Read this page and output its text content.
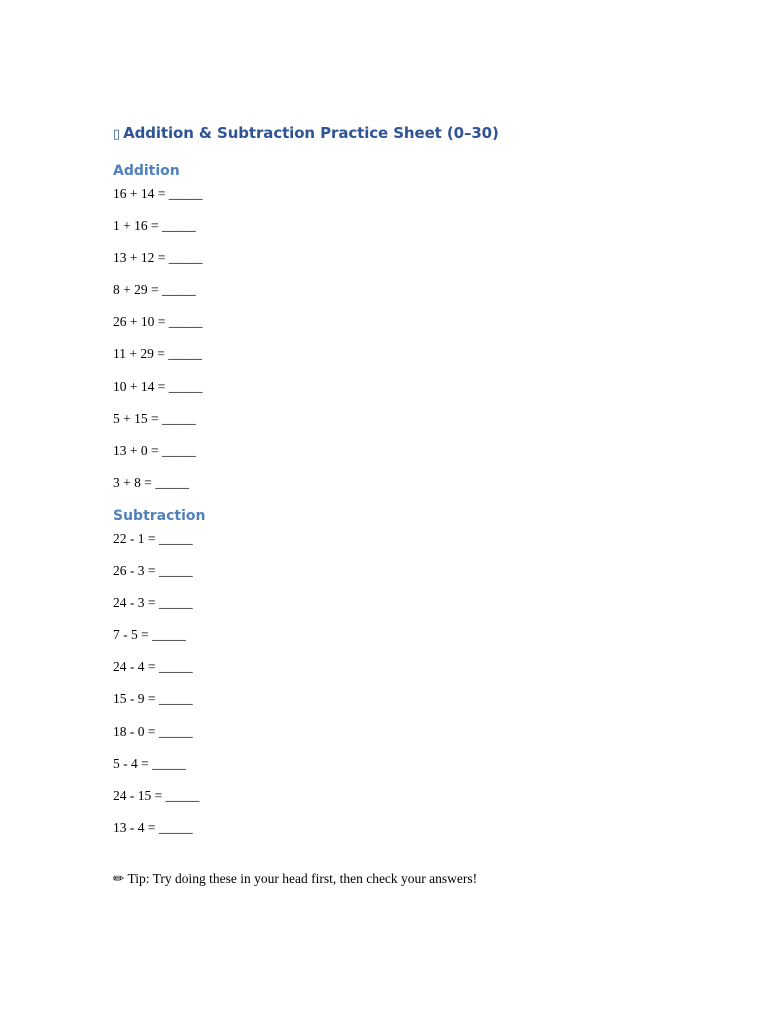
▯ Addition & Subtraction Practice Sheet (0–30)
Addition
16 + 14 = _____
1 + 16 = _____
13 + 12 = _____
8 + 29 = _____
26 + 10 = _____
11 + 29 = _____
10 + 14 = _____
5 + 15 = _____
13 + 0 = _____
3 + 8 = _____
Subtraction
22 - 1 = _____
26 - 3 = _____
24 - 3 = _____
7 - 5 = _____
24 - 4 = _____
15 - 9 = _____
18 - 0 = _____
5 - 4 = _____
24 - 15 = _____
13 - 4 = _____
✏ Tip: Try doing these in your head first, then check your answers!
